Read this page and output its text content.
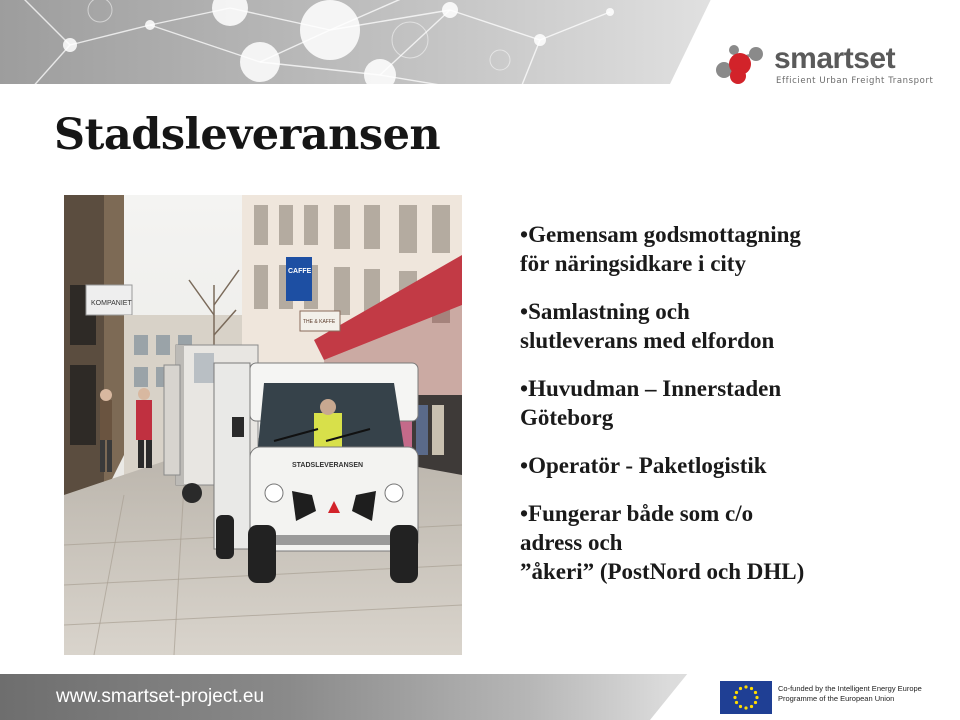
smartset
Efficient Urban Freight Transport
Stadsleveransen
KOMPANIET
CAFFE
THE & KAFFE
STADSLEVERANSEN
• Gemensam godsmottagning
för näringsidkare i city
• Samlastning och
slutleverans med elfordon
• Huvudman – Innerstaden
Göteborg
• Operatör - Paketlogistik
• Fungerar både som c/o
adress och
”åkeri” (PostNord och DHL)
www.smartset-project.eu	Co-funded by the Intelligent Energy Europe Programme of the European Union
